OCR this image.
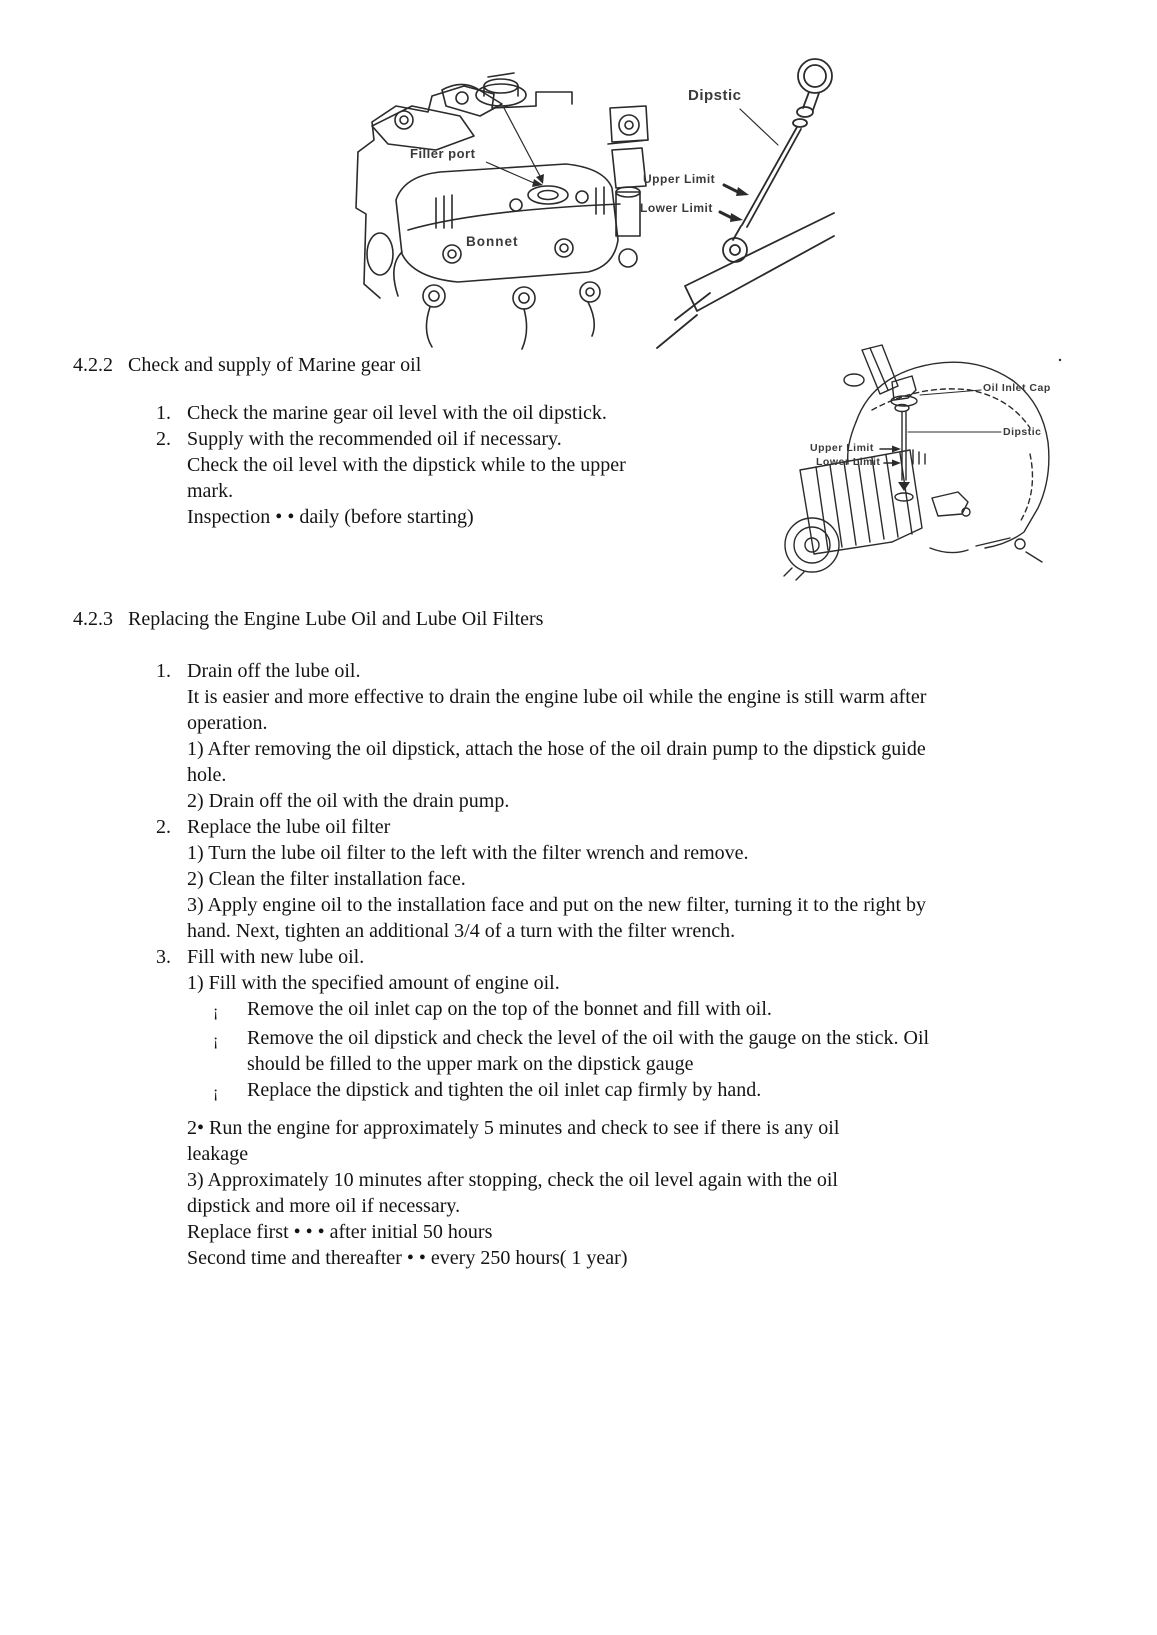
Dipstic
Filler port
Upper Limit
Lower Limit
Bonnet
4.2.2 Check and supply of Marine gear oil
1. Check the marine gear oil level with the oil dipstick.
2. Supply with the recommended oil if necessary.
Check the oil level with the dipstick while to the upper
mark.
Inspection • • daily (before starting)
Oil Inlet Cap
Dipstic
Upper Limit
Lower Limit
4.2.3 Replacing the Engine Lube Oil and Lube Oil Filters
1. Drain off the lube oil.
It is easier and more effective to drain the engine lube oil while the engine is still warm after
operation.
1) After removing the oil dipstick, attach the hose of the oil drain pump to the dipstick guide
hole.
2) Drain off the oil with the drain pump.
2. Replace the lube oil filter
1) Turn the lube oil filter to the left with the filter wrench and remove.
2) Clean the filter installation face.
3) Apply engine oil to the installation face and put on the new filter, turning it to the right by
hand. Next, tighten an additional 3/4 of a turn with the filter wrench.
3. Fill with new lube oil.
1) Fill with the specified amount of engine oil.
¡	Remove the oil inlet cap on the top of the bonnet and fill with oil.
¡	Remove the oil dipstick and check the level of the oil with the gauge on the stick. Oil
should be filled to the upper mark on the dipstick gauge
¡	Replace the dipstick and tighten the oil inlet cap firmly by hand.
2• Run the engine for approximately 5 minutes and check to see if there is any oil
leakage
3) Approximately 10 minutes after stopping, check the oil level again with the oil
dipstick and more oil if necessary.
Replace first • • • after initial 50 hours
Second time and thereafter • • every 250 hours( 1 year)
